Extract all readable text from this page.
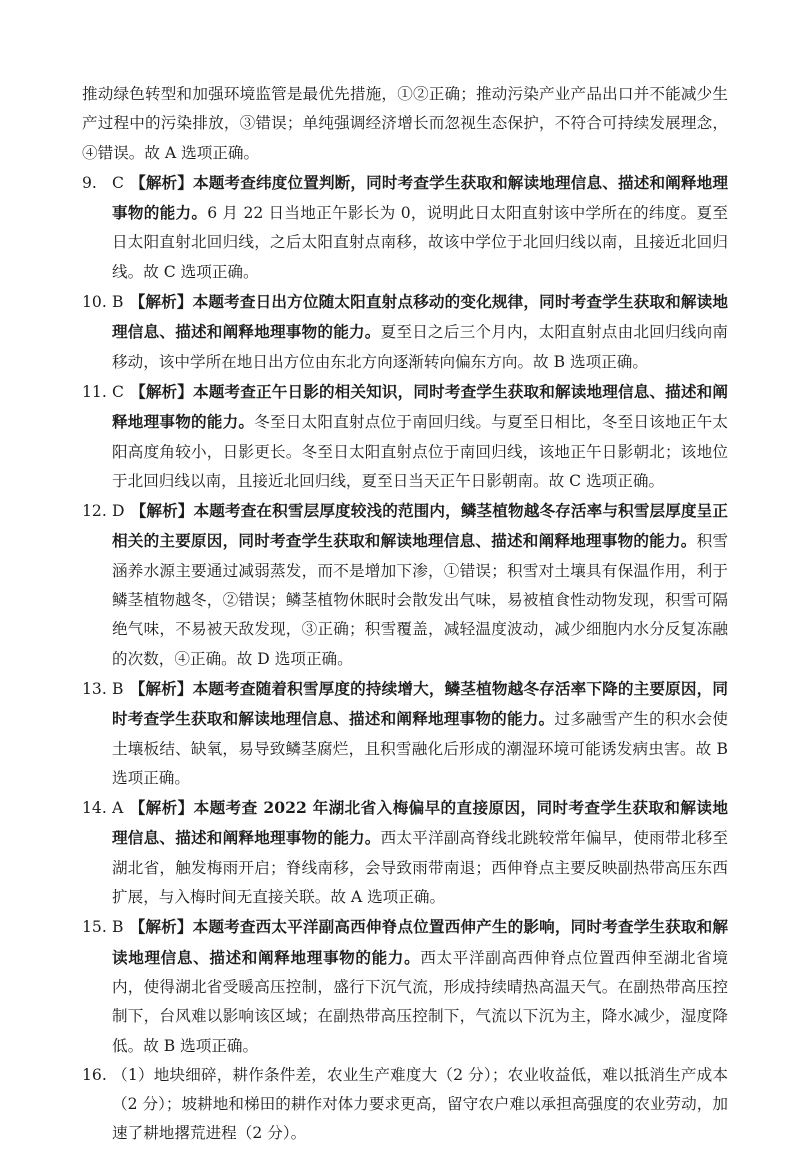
推动绿色转型和加强环境监管是最优先措施，①②正确；推动污染产业产品出口并不能减少生产过程中的污染排放，③错误；单纯强调经济增长而忽视生态保护，不符合可持续发展理念，④错误。故 A 选项正确。

9. C 【解析】本题考查纬度位置判断，同时考查学生获取和解读地理信息、描述和阐释地理事物的能力。6 月 22 日当地正午影长为 0，说明此日太阳直射该中学所在的纬度。夏至日太阳直射北回归线，之后太阳直射点南移，故该中学位于北回归线以南，且接近北回归线。故 C 选项正确。

10. B 【解析】本题考查日出方位随太阳直射点移动的变化规律，同时考查学生获取和解读地理信息、描述和阐释地理事物的能力。夏至日之后三个月内，太阳直射点由北回归线向南移动，该中学所在地日出方位由东北方向逐渐转向偏东方向。故 B 选项正确。

11. C 【解析】本题考查正午日影的相关知识，同时考查学生获取和解读地理信息、描述和阐释地理事物的能力。冬至日太阳直射点位于南回归线。与夏至日相比，冬至日该地正午太阳高度角较小，日影更长。冬至日太阳直射点位于南回归线，该地正午日影朝北；该地位于北回归线以南，且接近北回归线，夏至日当天正午日影朝南。故 C 选项正确。

12. D 【解析】本题考查在积雪层厚度较浅的范围内，鳞茎植物越冬存活率与积雪层厚度呈正相关的主要原因，同时考查学生获取和解读地理信息、描述和阐释地理事物的能力。积雪涵养水源主要通过减弱蒸发，而不是增加下渗，①错误；积雪对土壤具有保温作用，利于鳞茎植物越冬，②错误；鳞茎植物休眠时会散发出气味，易被植食性动物发现，积雪可隔绝气味，不易被天敌发现，③正确；积雪覆盖，减轻温度波动，减少细胞内水分反复冻融的次数，④正确。故 D 选项正确。

13. B 【解析】本题考查随着积雪厚度的持续增大，鳞茎植物越冬存活率下降的主要原因，同时考查学生获取和解读地理信息、描述和阐释地理事物的能力。过多融雪产生的积水会使土壤板结、缺氧，易导致鳞茎腐烂，且积雪融化后形成的潮湿环境可能诱发病虫害。故 B 选项正确。

14. A 【解析】本题考查 2022 年湖北省入梅偏早的直接原因，同时考查学生获取和解读地理信息、描述和阐释地理事物的能力。西太平洋副高脊线北跳较常年偏早，使雨带北移至湖北省，触发梅雨开启；脊线南移，会导致雨带南退；西伸脊点主要反映副热带高压东西扩展，与入梅时间无直接关联。故 A 选项正确。

15. B 【解析】本题考查西太平洋副高西伸脊点位置西伸产生的影响，同时考查学生获取和解读地理信息、描述和阐释地理事物的能力。西太平洋副高西伸脊点位置西伸至湖北省境内，使得湖北省受暖高压控制，盛行下沉气流，形成持续晴热高温天气。在副热带高压控制下，台风难以影响该区域；在副热带高压控制下，气流以下沉为主，降水减少，湿度降低。故 B 选项正确。

16. （1）地块细碎，耕作条件差，农业生产难度大（2 分）；农业收益低，难以抵消生产成本（2 分）；坡耕地和梯田的耕作对体力要求更高，留守农户难以承担高强度的农业劳动，加速了耕地撂荒进程（2 分）。
